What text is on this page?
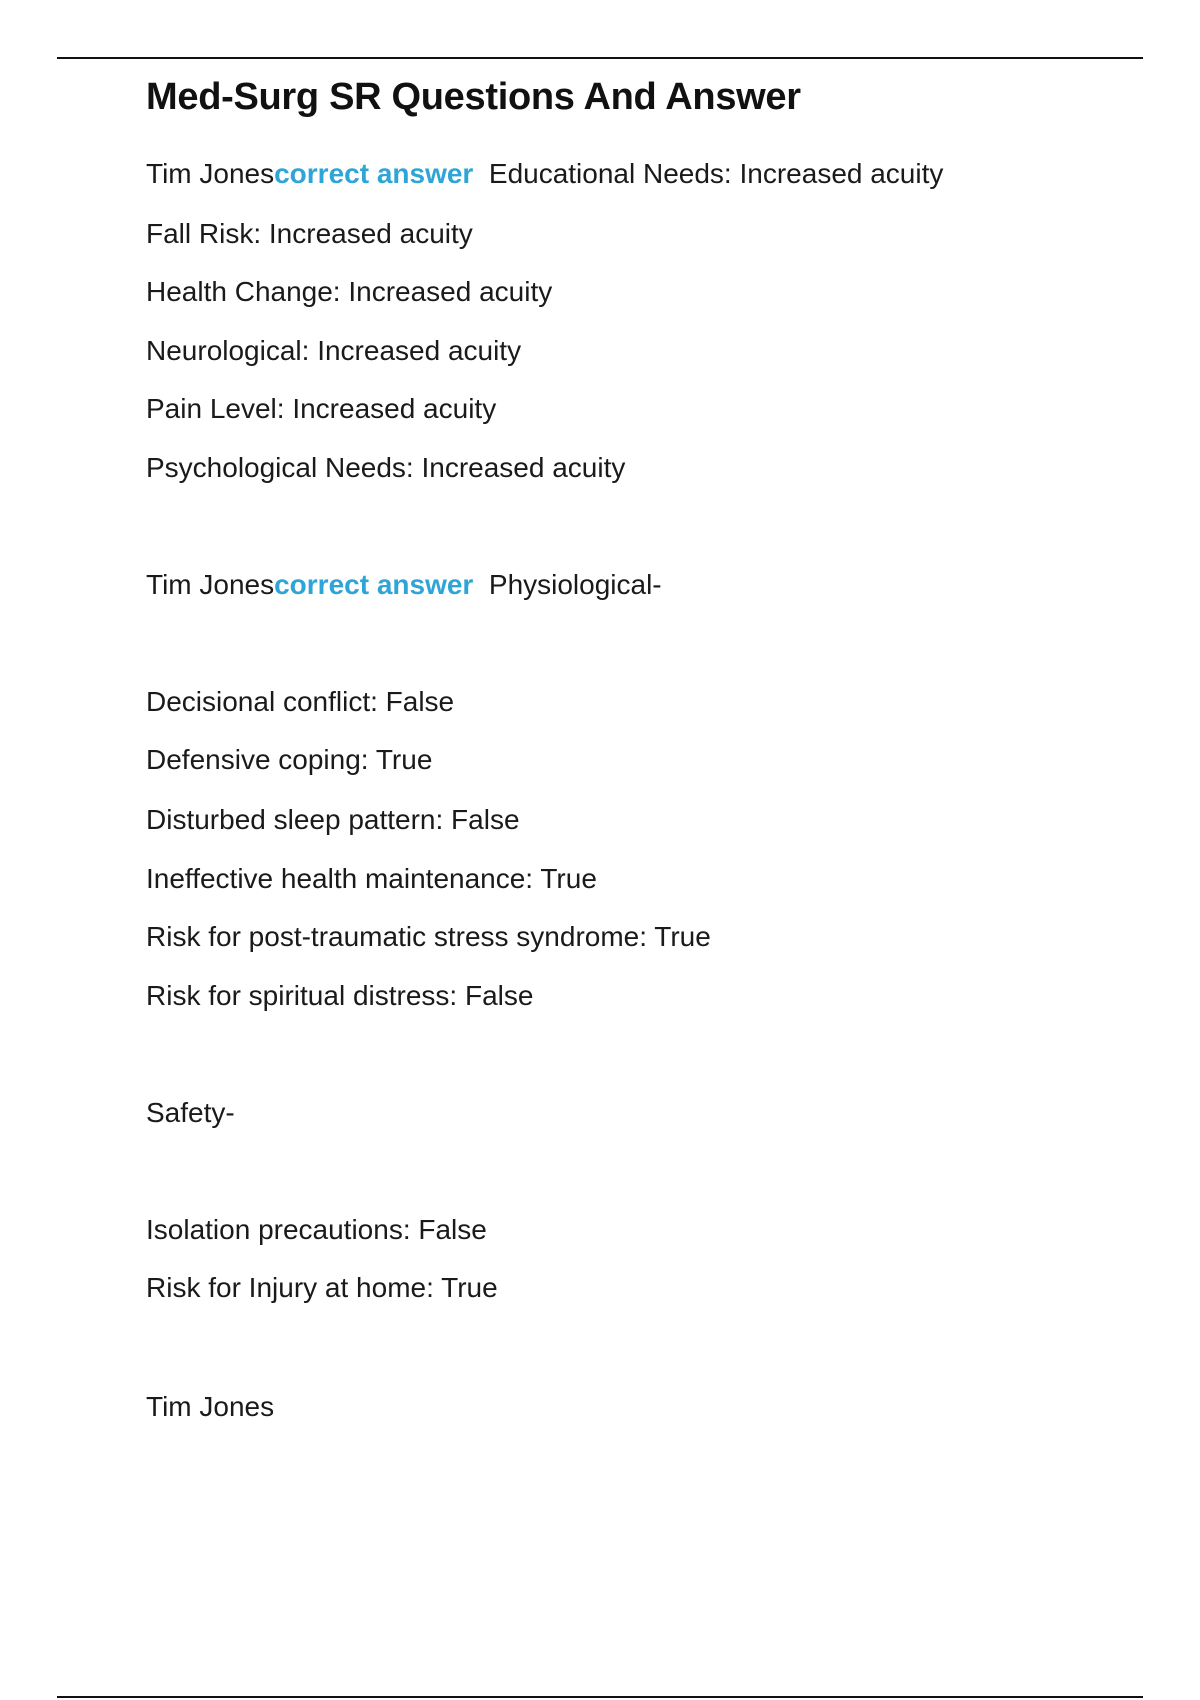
Med-Surg SR Questions And Answer
Tim Jonescorrect answer  Educational Needs: Increased acuity
Fall Risk: Increased acuity
Health Change: Increased acuity
Neurological: Increased acuity
Pain Level: Increased acuity
Psychological Needs: Increased acuity
Tim Jonescorrect answer  Physiological-
Decisional conflict: False
Defensive coping: True
Disturbed sleep pattern: False
Ineffective health maintenance: True
Risk for post-traumatic stress syndrome: True
Risk for spiritual distress: False
Safety-
Isolation precautions: False
Risk for Injury at home: True
Tim Jones
